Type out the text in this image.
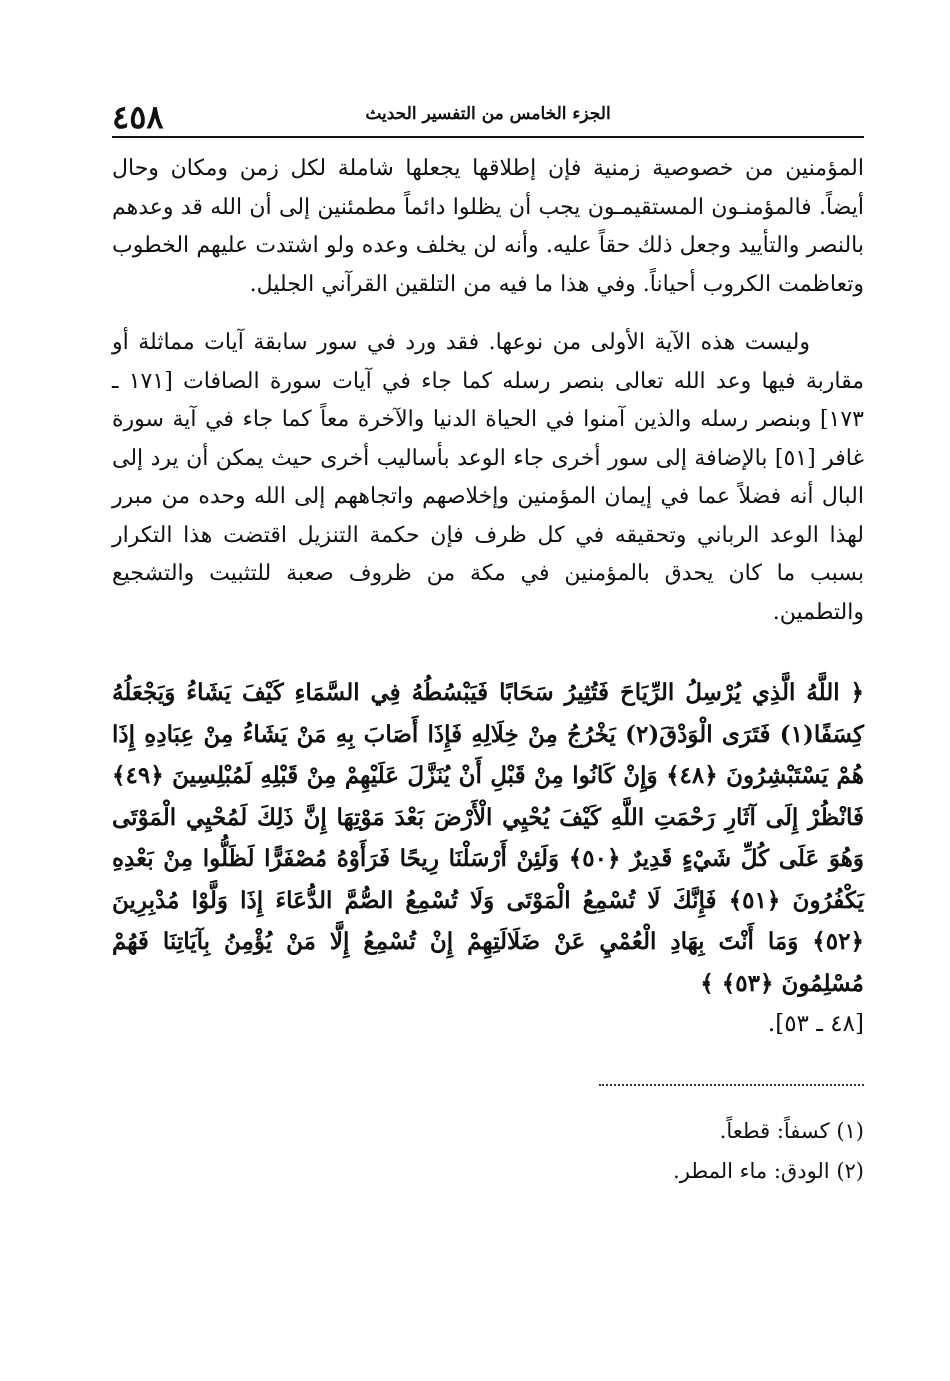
٤٥٨	الجزء الخامس من التفسير الحديث

المؤمنين من خصوصية زمنية فإن إطلاقها يجعلها شاملة لكل زمن ومكان وحال أيضاً. فالمؤمنـون المستقيمـون يجب أن يظلوا دائماً مطمئنين إلى أن الله قد وعدهم بالنصر والتأييد وجعل ذلك حقاً عليه. وأنه لن يخلف وعده ولو اشتدت عليهم الخطوب وتعاظمت الكروب أحياناً. وفي هذا ما فيه من التلقين القرآني الجليل.

وليست هذه الآية الأولى من نوعها. فقد ورد في سور سابقة آيات مماثلة أو مقاربة فيها وعد الله تعالى بنصر رسله كما جاء في آيات سورة الصافات [١٧١ ـ ١٧٣] وبنصر رسله والذين آمنوا في الحياة الدنيا والآخرة معاً كما جاء في آية سورة غافر [٥١] بالإضافة إلى سور أخرى جاء الوعد بأساليب أخرى حيث يمكن أن يرد إلى البال أنه فضلاً عما في إيمان المؤمنين وإخلاصهم واتجاههم إلى الله وحده من مبرر لهذا الوعد الرباني وتحقيقه في كل ظرف فإن حكمة التنزيل اقتضت هذا التكرار بسبب ما كان يحدق بالمؤمنين في مكة من ظروف صعبة للتثبيت والتشجيع والتطمين.

﴿ اللَّهُ الَّذِي يُرْسِلُ الرِّيَاحَ فَتُثِيرُ سَحَابًا فَيَبْسُطُهُ فِي السَّمَاءِ كَيْفَ يَشَاءُ وَيَجْعَلُهُ كِسَفًا(١) فَتَرَى الْوَدْقَ(٢) يَخْرُجُ مِنْ خِلَالِهِ فَإِذَا أَصَابَ بِهِ مَنْ يَشَاءُ مِنْ عِبَادِهِ إِذَا هُمْ يَسْتَبْشِرُونَ ﴿٤٨﴾ وَإِنْ كَانُوا مِنْ قَبْلِ أَنْ يُنَزَّلَ عَلَيْهِمْ مِنْ قَبْلِهِ لَمُبْلِسِينَ ﴿٤٩﴾ فَانْظُرْ إِلَى آثَارِ رَحْمَتِ اللَّهِ كَيْفَ يُحْيِي الْأَرْضَ بَعْدَ مَوْتِهَا إِنَّ ذَلِكَ لَمُحْيِي الْمَوْتَى وَهُوَ عَلَى كُلِّ شَيْءٍ قَدِيرٌ ﴿٥٠﴾ وَلَئِنْ أَرْسَلْنَا رِيحًا فَرَأَوْهُ مُصْفَرًّا لَظَلُّوا مِنْ بَعْدِهِ يَكْفُرُونَ ﴿٥١﴾ فَإِنَّكَ لَا تُسْمِعُ الْمَوْتَى وَلَا تُسْمِعُ الصُّمَّ الدُّعَاءَ إِذَا وَلَّوْا مُدْبِرِينَ ﴿٥٢﴾ وَمَا أَنْتَ بِهَادِ الْعُمْيِ عَنْ ضَلَالَتِهِمْ إِنْ تُسْمِعُ إِلَّا مَنْ يُؤْمِنُ بِآيَاتِنَا فَهُمْ مُسْلِمُونَ ﴿٥٣﴾ ﴾
[٤٨ ـ ٥٣].

(١) كسفاً: قطعاً.

(٢) الودق: ماء المطر.
